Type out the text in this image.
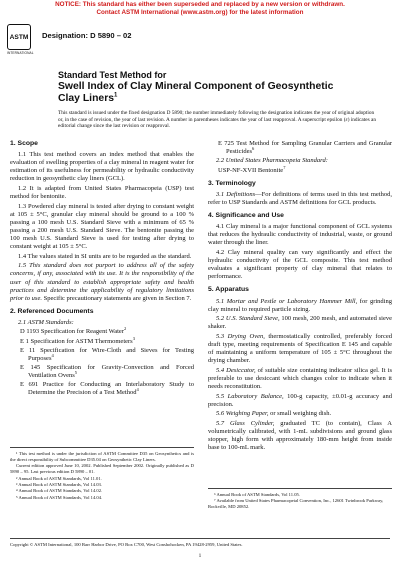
NOTICE: This standard has either been superseded and replaced by a new version or withdrawn.
Contact ASTM International (www.astm.org) for the latest information
ASTM
INTERNATIONAL
Designation: D 5890 – 02
Standard Test Method for
Swell Index of Clay Mineral Component of Geosynthetic
Clay Liners$^1$
This standard is issued under the fixed designation D 5890; the number immediately following the designation indicates the year of original adoption or, in the case of revision, the year of last revision. A number in parentheses indicates the year of last reapproval. A superscript epsilon (ε) indicates an editorial change since the last revision or reapproval.
1. Scope

1.1 This test method covers an index method that enables the evaluation of swelling properties of a clay mineral in reagent water for estimation of its usefulness for permeability or hydraulic conductivity reduction in geosynthetic clay liners (GCL).

1.2 It is adapted from United States Pharmacopeia (USP) test method for bentonite.

1.3 Powdered clay mineral is tested after drying to constant weight at 105 ± 5°C, granular clay mineral should be ground to a 100 % passing a 100 mesh U.S. Standard Sieve with a minimum of 65 % passing a 200 mesh U.S. Standard Sieve. The bentonite passing the 100 mesh U.S. Standard Sieve is used for testing after drying to constant weight at 105 ± 5°C.

1.4 The values stated in SI units are to be regarded as the standard.

1.5 This standard does not purport to address all of the safety concerns, if any, associated with its use. It is the responsibility of the user of this standard to establish appropriate safety and health practices and determine the applicability of regulatory limitations prior to use. Specific precautionary statements are given in Section 7.

2. Referenced Documents

2.1 ASTM Standards:

D 1193 Specification for Reagent Water$^2$
E 1 Specification for ASTM Thermometers$^3$
E 11 Specification for Wire-Cloth and Sieves for Testing Purposes$^4$
E 145 Specification for Gravity-Convection and Forced Ventilation Ovens$^5$
E 691 Practice for Conducting an Interlaboratory Study to Determine the Precision of a Test Method$^4$
E 725 Test Method for Sampling Granular Carriers and Granular Pesticides$^6$

2.2 United States Pharmacopeia Standard:

USP-NF-XVII Bentonite$^7$
3. Terminology

3.1 Definitions—For definitions of terms used in this test method, refer to USP Standards and ASTM definitions for GCL products.

4. Significance and Use

4.1 Clay mineral is a major functional component of GCL systems that reduces the hydraulic conductivity of industrial, waste, or ground water through the liner.

4.2 Clay mineral quality can vary significantly and effect the hydraulic conductivity of the GCL composite. This test method evaluates a significant property of clay mineral that relates to performance.

5. Apparatus

5.1 Mortar and Pestle or Laboratory Hammer Mill, for grinding clay mineral to required particle sizing.

5.2 U.S. Standard Sieve, 100 mesh, 200 mesh, and automated sieve shaker.

5.3 Drying Oven, thermostatically controlled, preferably forced draft type, meeting requirements of Specification E 145 and capable of maintaining a uniform temperature of 105 ± 5°C throughout the drying chamber.

5.4 Desiccator, of suitable size containing indicator silica gel. It is preferable to use desiccant which changes color to indicate when it needs reconstitution.

5.5 Laboratory Balance, 100-g capacity, ±0.01-g accuracy and precision.

5.6 Weighing Paper, or small weighing dish.

5.7 Glass Cylinder, graduated TC (to contain), Class A volumetrically calibrated, with 1-mL subdivisions and ground glass stopper, high form with approximately 180-mm height from inside base to 100-mL mark.

¹ This test method is under the jurisdiction of ASTM Committee D35 on Geosynthetics and is the direct responsibility of Subcommittee D35.04 on Geosynthetic Clay Liners.

Current edition approved June 10, 2002. Published September 2002. Originally published as D 5890 – 95. Last previous edition D 5890 – 01.

² Annual Book of ASTM Standards, Vol 11.01.

³ Annual Book of ASTM Standards, Vol 14.03.

⁴ Annual Book of ASTM Standards, Vol 14.02.

⁵ Annual Book of ASTM Standards, Vol 14.04.

⁶ Annual Book of ASTM Standards, Vol 11.05.

⁷ Available from United States Pharmacopeial Convention, Inc., 12601 Twinbrook Parkway, Rockville, MD 20852.

Copyright © ASTM International, 100 Barr Harbor Drive, PO Box C700, West Conshohocken, PA 19428-2959, United States.
1
